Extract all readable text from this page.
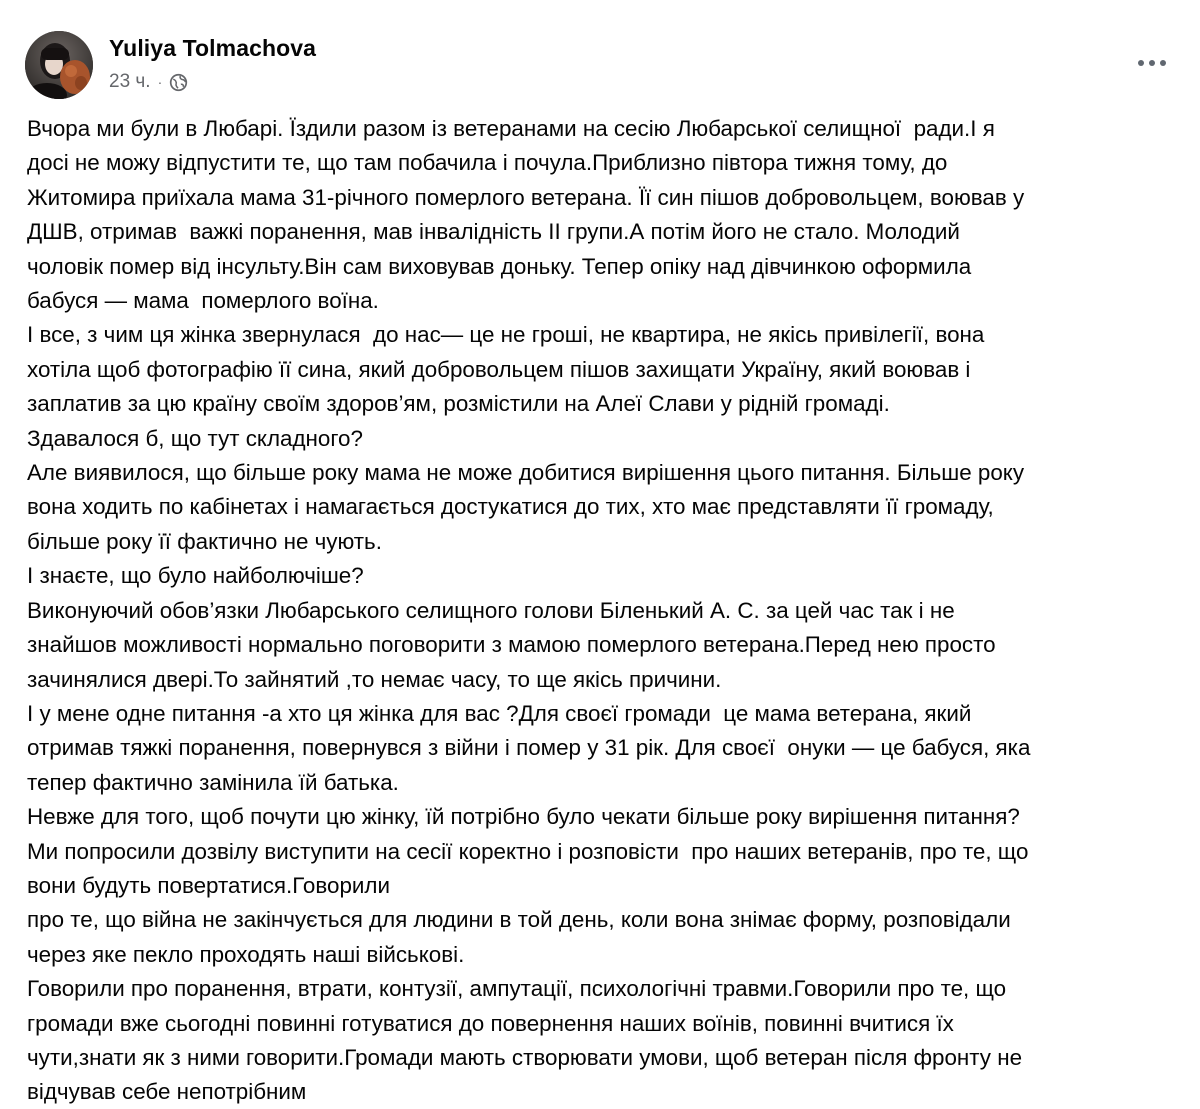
Yuliya Tolmachova
23 ч. ·

Вчора ми були в Любарі. Їздили разом із ветеранами на сесію Любарської селищної  ради.І я

досі не можу відпустити те, що там побачила і почула.Приблизно півтора тижня тому, до

Житомира приїхала мама 31-річного померлого ветерана. Її син пішов добровольцем, воював у

ДШВ, отримав  важкі поранення, мав інвалідність ІІ групи.А потім його не стало. Молодий

чоловік помер від інсульту.Він сам виховував доньку. Тепер опіку над дівчинкою оформила

бабуся — мама  померлого воїна.

І все, з чим ця жінка звернулася  до нас— це не гроші, не квартира, не якісь привілегії, вона

хотіла щоб фотографію її сина, який добровольцем пішов захищати Україну, який воював і

заплатив за цю країну своїм здоров’ям, розмістили на Алеї Слави у рідній громаді.

Здавалося б, що тут складного?

Але виявилося, що більше року мама не може добитися вирішення цього питання. Більше року

вона ходить по кабінетах і намагається достукатися до тих, хто має представляти її громаду,

більше року її фактично не чують.

І знаєте, що було найболючіше?

Виконуючий обов’язки Любарського селищного голови Біленький А. С. за цей час так і не

знайшов можливості нормально поговорити з мамою померлого ветерана.Перед нею просто

зачинялися двері.То зайнятий ,то немає часу, то ще якісь причини.

І у мене одне питання -а хто ця жінка для вас ?Для своєї громади  це мама ветерана, який

отримав тяжкі поранення, повернувся з війни і помер у 31 рік. Для своєї  онуки — це бабуся, яка

тепер фактично замінила їй батька.

Невже для того, щоб почути цю жінку, їй потрібно було чекати більше року вирішення питання?

Ми попросили дозвілу виступити на сесії коректно і розповісти  про наших ветеранів, про те, що

вони будуть повертатися.Говорили

про те, що війна не закінчується для людини в той день, коли вона знімає форму, розповідали

через яке пекло проходять наші військові.

Говорили про поранення, втрати, контузії, ампутації, психологічні травми.Говорили про те, що

громади вже сьогодні повинні готуватися до повернення наших воїнів, повинні вчитися їх

чути,знати як з ними говорити.Громади мають створювати умови, щоб ветеран після фронту не

відчував себе непотрібним
